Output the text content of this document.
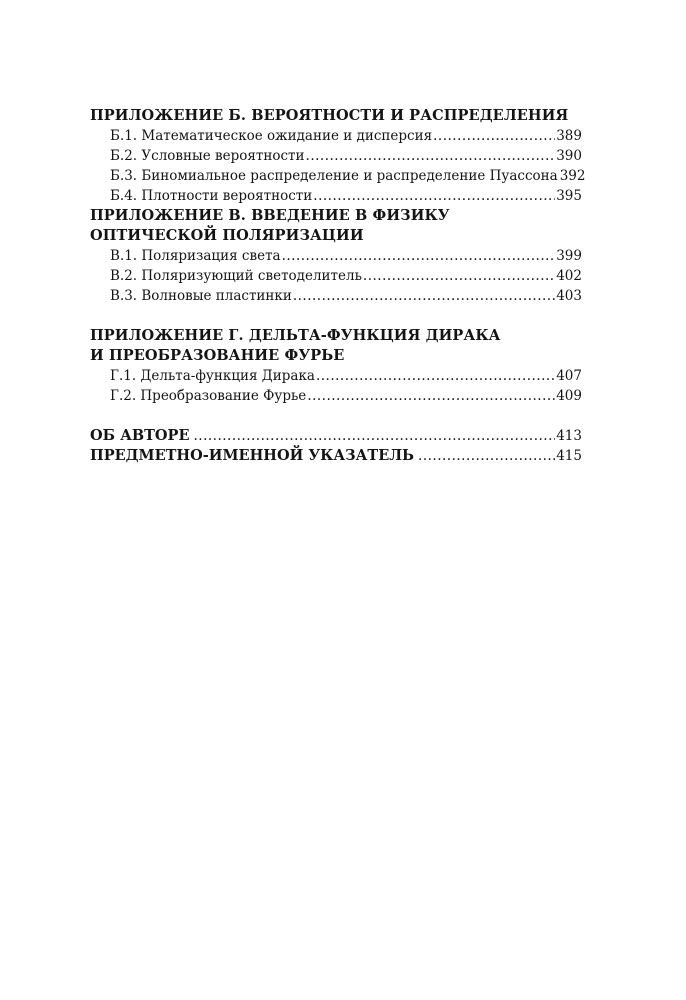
ПРИЛОЖЕНИЕ Б. ВЕРОЯТНОСТИ И РАСПРЕДЕЛЕНИЯ
Б.1. Математическое ожидание и дисперсия .....	389
Б.2. Условные вероятности .....	390
Б.3. Биномиальное распределение и распределение Пуассона 392
Б.4. Плотности вероятности .....	395
ПРИЛОЖЕНИЕ В. ВВЕДЕНИЕ В ФИЗИКУ
ОПТИЧЕСКОЙ ПОЛЯРИЗАЦИИ
В.1. Поляризация света .....	399
В.2. Поляризующий светоделитель .....	402
В.3. Волновые пластинки .....	403
ПРИЛОЖЕНИЕ Г. ДЕЛЬТА-ФУНКЦИЯ ДИРАКА
И ПРЕОБРАЗОВАНИЕ ФУРЬЕ
Г.1. Дельта-функция Дирака .....	407
Г.2. Преобразование Фурье .....	409
ОБ АВТОРЕ .....	413
ПРЕДМЕТНО-ИМЕННОЙ УКАЗАТЕЛЬ .....	415
